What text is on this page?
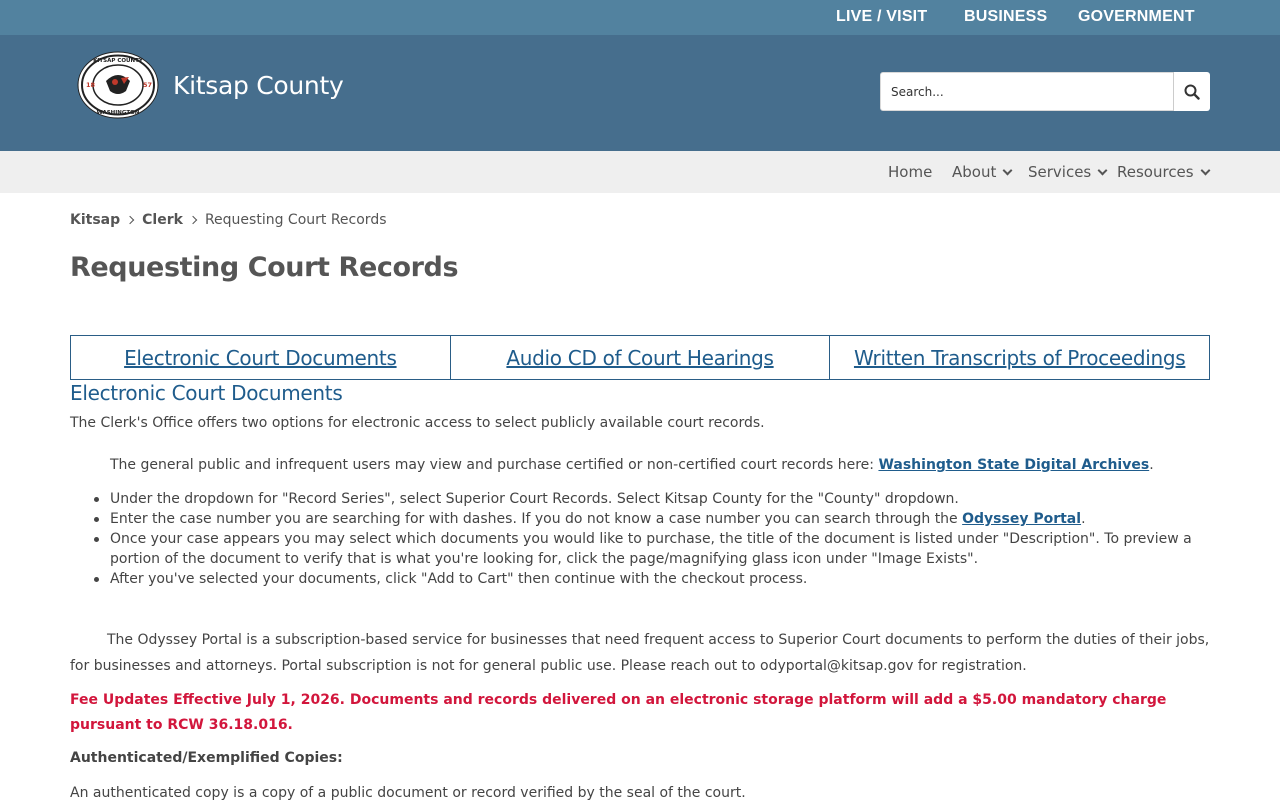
LIVE / VISIT BUSINESS GOVERNMENT
KITSAP COUNTY
WASHINGTON
18	57 Kitsap County
Search...
Home About Services Resources
Kitsap Clerk Requesting Court Records
Requesting Court Records
Electronic Court Documents	Audio CD of Court Hearings	Written Transcripts of Proceedings
Electronic Court Documents

The Clerk's Office offers two options for electronic access to select publicly available court records.

The general public and infrequent users may view and purchase certified or non-certified court records here: Washington State Digital Archives.

Under the dropdown for "Record Series", select Superior Court Records. Select Kitsap County for the "County" dropdown.
Enter the case number you are searching for with dashes. If you do not know a case number you can search through the Odyssey Portal.
Once your case appears you may select which documents you would like to purchase, the title of the document is listed under "Description". To preview a portion of the document to verify that is what you're looking for, click the page/magnifying glass icon under "Image Exists".
After you've selected your documents, click "Add to Cart" then continue with the checkout process.

The Odyssey Portal is a subscription-based service for businesses that need frequent access to Superior Court documents to perform the duties of their jobs, for businesses and attorneys. Portal subscription is not for general public use. Please reach out to odyportal@kitsap.gov for registration.

Fee Updates Effective July 1, 2026. Documents and records delivered on an electronic storage platform will add a $5.00 mandatory charge pursuant to RCW 36.18.016.

Authenticated/Exemplified Copies:

An authenticated copy is a copy of a public document or record verified by the seal of the court.
